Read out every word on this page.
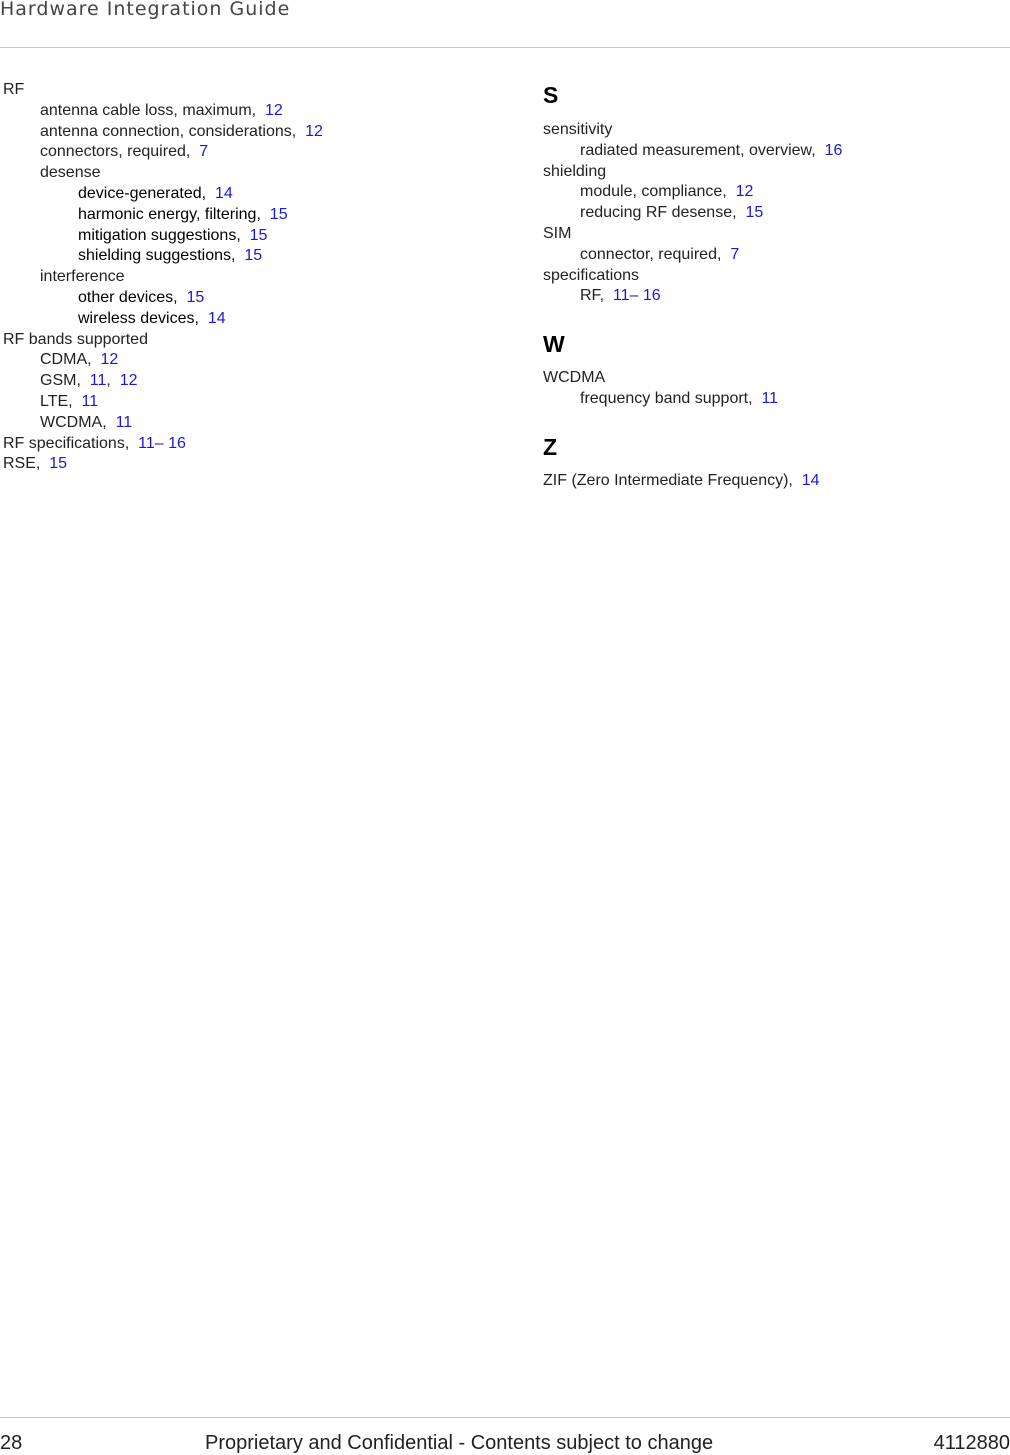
Hardware Integration Guide
RF
antenna cable loss, maximum,  12
antenna connection, considerations,  12
connectors, required,  7
desense
device-generated,  14
harmonic energy, filtering,  15
mitigation suggestions,  15
shielding suggestions,  15
interference
other devices,  15
wireless devices,  14
RF bands supported
CDMA,  12
GSM,  11,  12
LTE,  11
WCDMA,  11
RF specifications,  11– 16
RSE,  15
S
sensitivity
radiated measurement, overview,  16
shielding
module, compliance,  12
reducing RF desense,  15
SIM
connector, required,  7
specifications
RF,  11– 16
W
WCDMA
frequency band support,  11
Z
ZIF (Zero Intermediate Frequency),  14
28	Proprietary and Confidential - Contents subject to change	4112880
